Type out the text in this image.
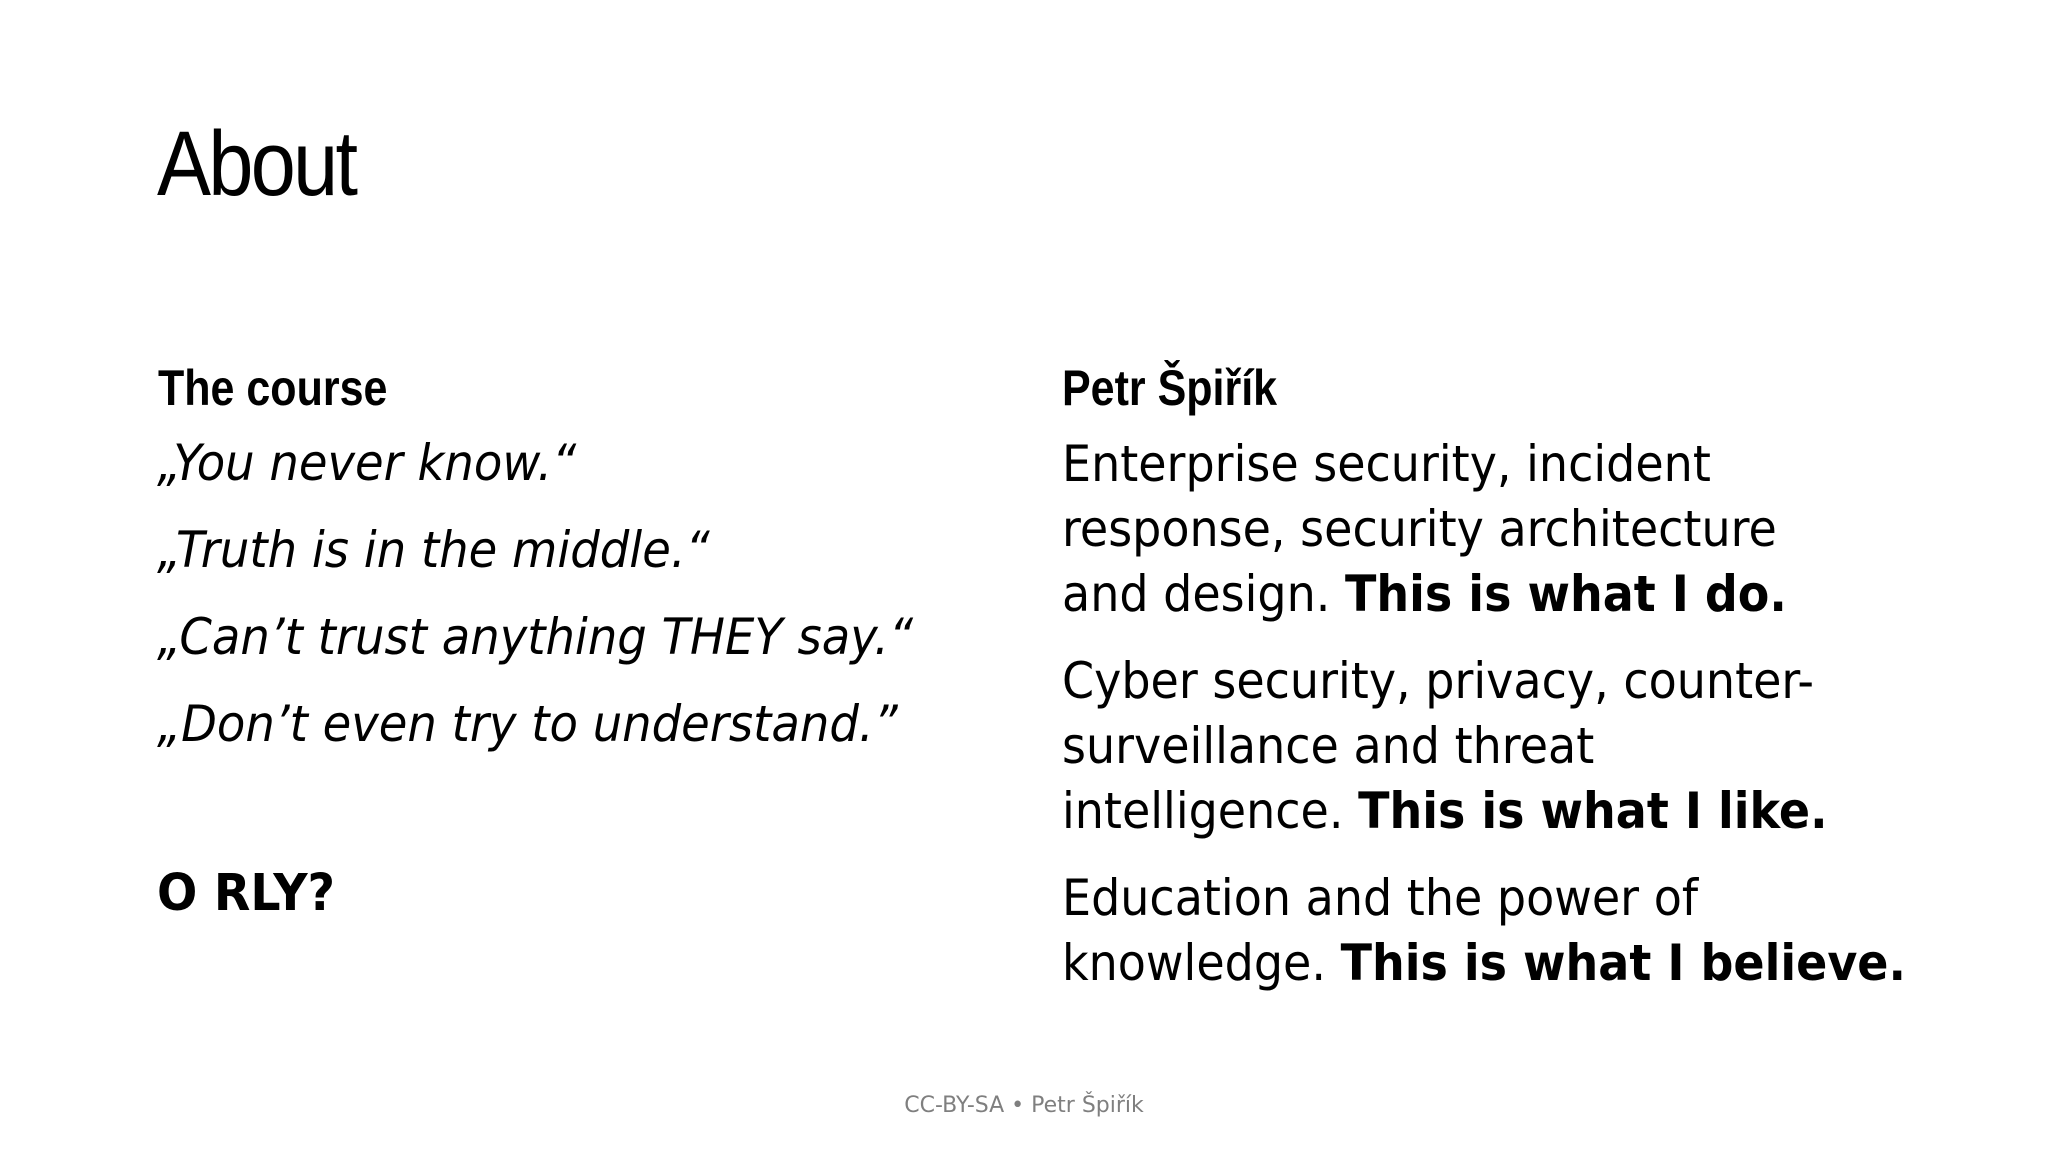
About
The course
„You never know.“
„Truth is in the middle.“
„Can’t trust anything THEY say.“
„Don’t even try to understand.”
O RLY?
Petr Špiřík

Enterprise security, incident
response, security architecture
and design. This is what I do.

Cyber security, privacy, counter-
surveillance and threat
intelligence. This is what I like.

Education and the power of
knowledge. This is what I believe.

CC-BY-SA • Petr Špiřík
